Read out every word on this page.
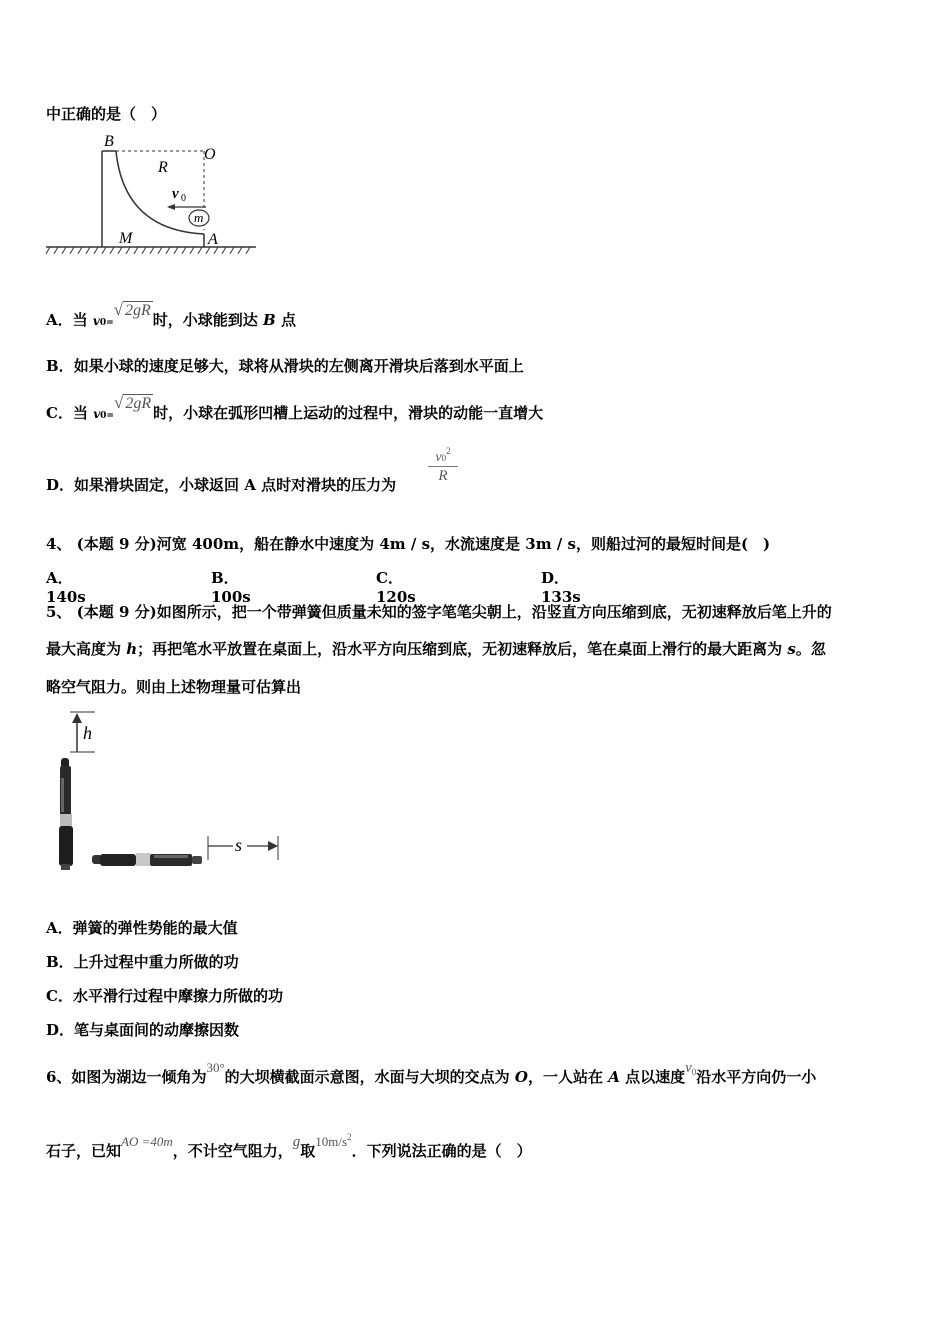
中正确的是（　）
B
R
O
v 0
m
A
M
A．当 v0=√ 2gR时，小球能到达 B 点
B．如果小球的速度足够大，球将从滑块的左侧离开滑块后落到水平面上
C．当 v0=√ 2gR时，小球在弧形凹槽上运动的过程中，滑块的动能一直增大
D．如果滑块固定，小球返回 A 点时对滑块的压力为 $\frac{v0^2}{R}$
4、 (本题 9 分)河宽 400m，船在静水中速度为 4m / s，水流速度是 3m / s，则船过河的最短时间是(　)
A．140s
B．100s
C．120s
D．133s
5、 (本题 9 分)如图所示，把一个带弹簧但质量未知的签字笔笔尖朝上，沿竖直方向压缩到底，无初速释放后笔上升的
最大高度为 h；再把笔水平放置在桌面上，沿水平方向压缩到底，无初速释放后，笔在桌面上滑行的最大距离为 s。忽
略空气阻力。则由上述物理量可估算出
h
s
A．弹簧的弹性势能的最大值
B．上升过程中重力所做的功
C．水平滑行过程中摩擦力所做的功
D．笔与桌面间的动摩擦因数
6、如图为湖边一倾角为30°的大坝横截面示意图，水面与大坝的交点为 O，一人站在 A 点以速度$v^0$沿水平方向仍一小
石子，已知AO =40m，不计空气阻力，g取$10m/s^2$．下列说法正确的是（　）
